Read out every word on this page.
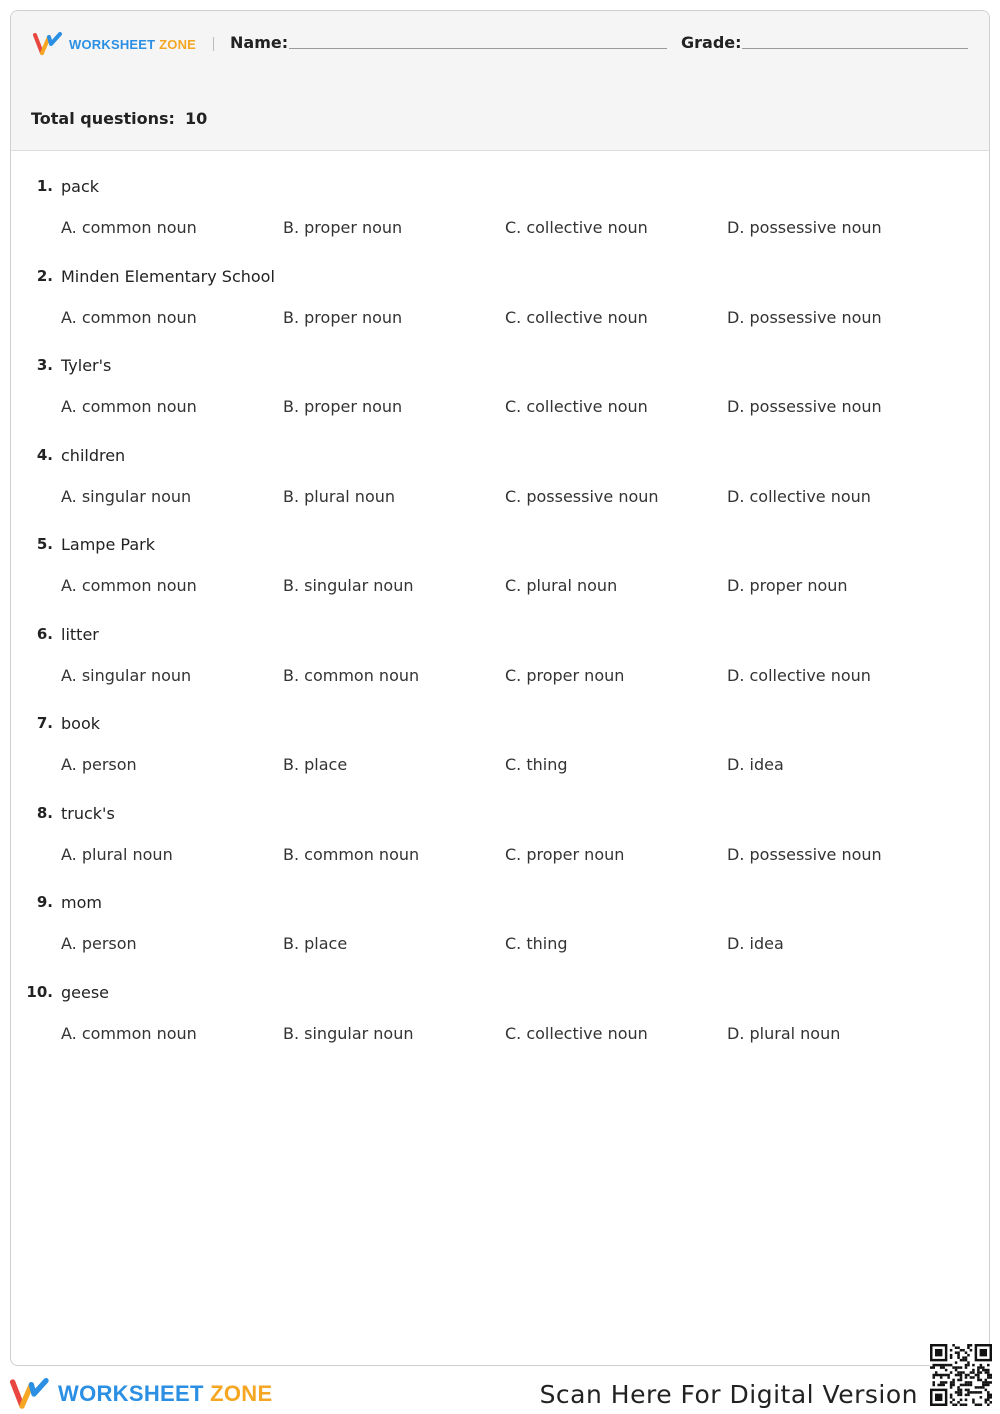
WORKSHEET ZONE Name:	Grade:
Total questions: 10
1. pack
A. common noun	B. proper noun	C. collective noun	D. possessive noun
2. Minden Elementary School
A. common noun	B. proper noun	C. collective noun	D. possessive noun
3. Tyler's
A. common noun	B. proper noun	C. collective noun	D. possessive noun
4. children
A. singular noun	B. plural noun	C. possessive noun	D. collective noun
5. Lampe Park
A. common noun	B. singular noun	C. plural noun	D. proper noun
6. litter
A. singular noun	B. common noun	C. proper noun	D. collective noun
7. book
A. person	B. place	C. thing	D. idea
8. truck's
A. plural noun	B. common noun	C. proper noun	D. possessive noun
9. mom
A. person	B. place	C. thing	D. idea
10. geese
A. common noun	B. singular noun	C. collective noun	D. plural noun
WORKSHEET ZONE	Scan Here For Digital Version
